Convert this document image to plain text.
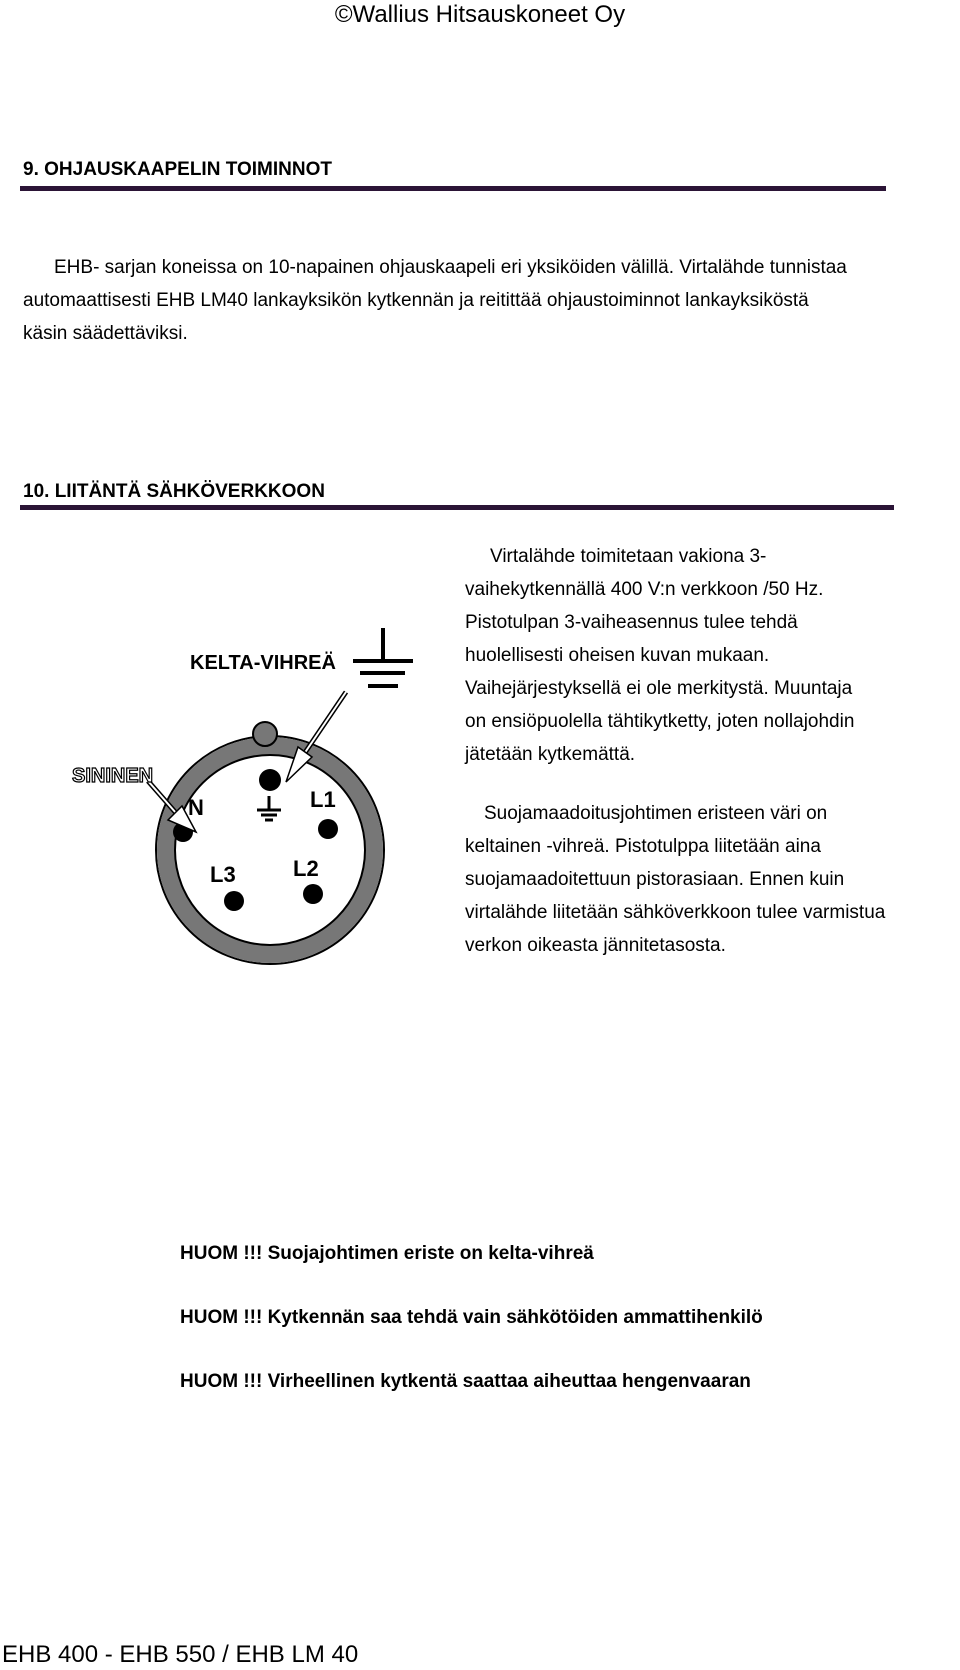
©Wallius Hitsauskoneet Oy
9. OHJAUSKAAPELIN TOIMINNOT
EHB- sarjan koneissa on 10-napainen ohjauskaapeli eri yksiköiden välillä. Virtalähde tunnistaa
automaattisesti EHB LM40 lankayksikön kytkennän ja reitittää ohjaustoiminnot lankayksiköstä
käsin säädettäviksi.
10. LIITÄNTÄ SÄHKÖVERKKOON
Virtalähde toimitetaan vakiona 3-
vaihekytkennällä 400 V:n verkkoon /50 Hz.
Pistotulpan 3-vaiheasennus tulee tehdä
huolellisesti oheisen kuvan mukaan.
Vaihejärjestyksellä ei ole merkitystä. Muuntaja
on ensiöpuolella tähtikytketty, joten nollajohdin
jätetään kytkemättä.
Suojamaadoitusjohtimen eristeen väri on
keltainen -vihreä. Pistotulppa liitetään aina
suojamaadoitettuun pistorasiaan. Ennen kuin
virtalähde liitetään sähköverkkoon tulee varmistua
verkon oikeasta jännitetasosta.
KELTA-VIHREÄ
SININEN
N	L1
L3	L2
HUOM !!! Suojajohtimen eriste on kelta-vihreä
HUOM !!! Kytkennän saa tehdä vain sähkötöiden ammattihenkilö
HUOM !!! Virheellinen kytkentä saattaa aiheuttaa hengenvaaran
EHB 400 - EHB 550 / EHB LM 40
